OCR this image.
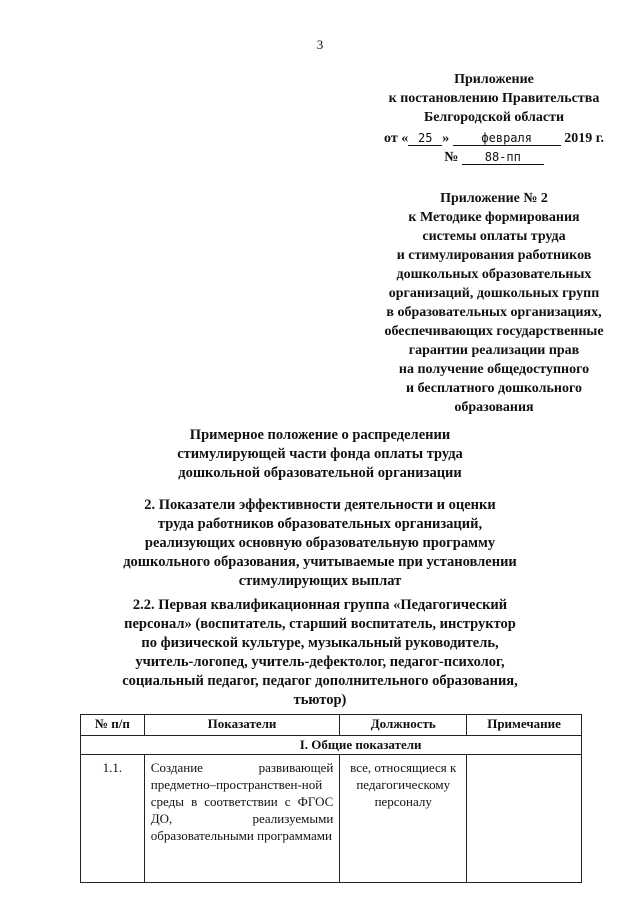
3
Приложение
к постановлению Правительства
Белгородской области
от « 25 »	февраля 2019 г.
№ 88-пп
Приложение № 2
к Методике формирования
системы оплаты труда
и стимулирования работников
дошкольных образовательных
организаций, дошкольных групп
в образовательных организациях,
обеспечивающих государственные
гарантии реализации прав
на получение общедоступного
и бесплатного дошкольного
образования
Примерное положение о распределении
стимулирующей части фонда оплаты труда
дошкольной образовательной организации
2. Показатели эффективности деятельности и оценки
труда работников образовательных организаций,
реализующих основную образовательную программу
дошкольного образования, учитываемые при установлении
стимулирующих выплат
2.2. Первая квалификационная группа «Педагогический
персонал» (воспитатель, старший воспитатель, инструктор
по физической культуре, музыкальный руководитель,
учитель-логопед, учитель-дефектолог, педагог-психолог,
социальный педагог, педагог дополнительного образования,
тьютор)
№ п/п	Показатели	Должность	Примечание
	I. Общие показатели		
1.1.	Создание развивающей предметно–пространствен-ной среды в соответствии с ФГОС ДО, реализуемыми образовательными программами	все, относящиеся к педагогическому персоналу	
